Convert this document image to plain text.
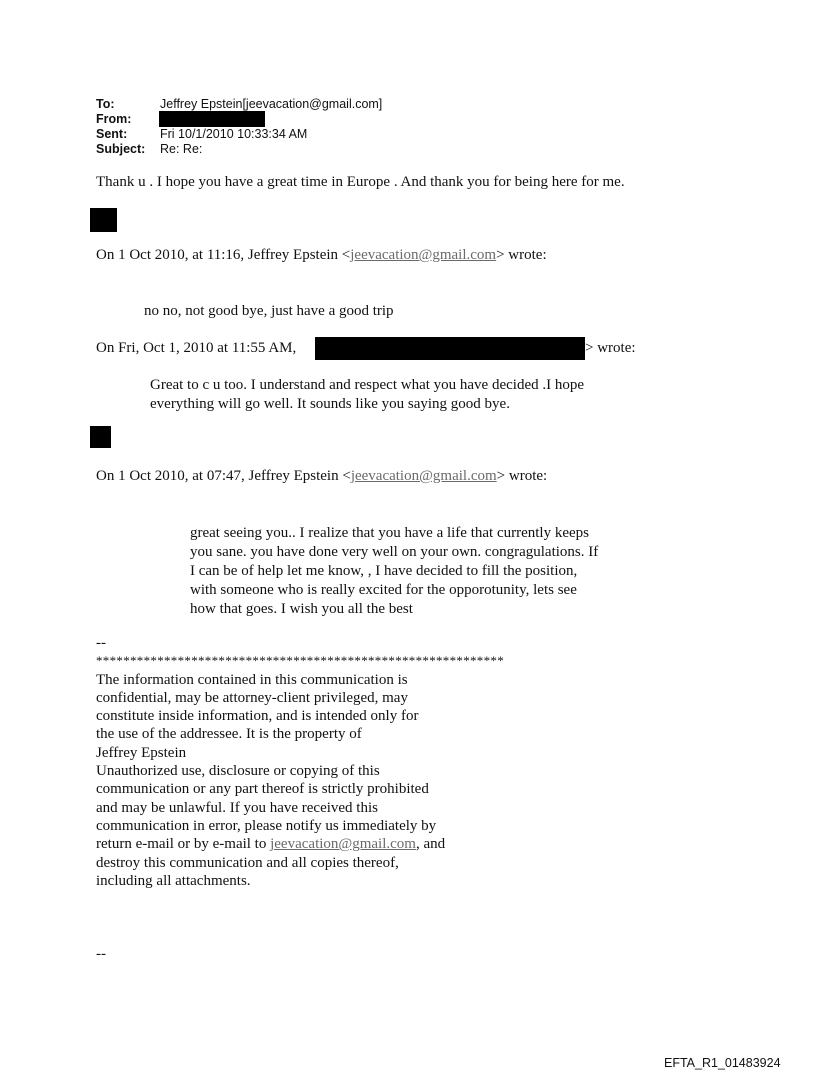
To:	Jeffrey Epstein[jeevacation@gmail.com]
From:
Sent:	Fri 10/1/2010 10:33:34 AM
Subject: Re: Re:
Thank u . I hope you have a great time in Europe . And thank you for being here for me.
On 1 Oct 2010, at 11:16, Jeffrey Epstein <jeevacation@gmail.com> wrote:
no no, not good bye, just have a good trip
On Fri, Oct 1, 2010 at 11:55 AM,	> wrote:
Great to c u too. I understand and respect what you have decided .I hope
everything will go well. It sounds like you saying good bye.
On 1 Oct 2010, at 07:47, Jeffrey Epstein <jeevacation@gmail.com> wrote:
great seeing you.. I realize that you have a life that currently keeps
you sane. you have done very well on your own. congragulations. If
I can be of help let me know, , I have decided to fill the position,
with someone who is really excited for the opporotunity, lets see
how that goes. I wish you all the best
--
************************************************************
The information contained in this communication is
confidential, may be attorney-client privileged, may
constitute inside information, and is intended only for
the use of the addressee. It is the property of
Jeffrey Epstein
Unauthorized use, disclosure or copying of this
communication or any part thereof is strictly prohibited
and may be unlawful. If you have received this
communication in error, please notify us immediately by
return e-mail or by e-mail to jeevacation@gmail.com, and
destroy this communication and all copies thereof,
including all attachments.
--
EFTA_R1_01483924
